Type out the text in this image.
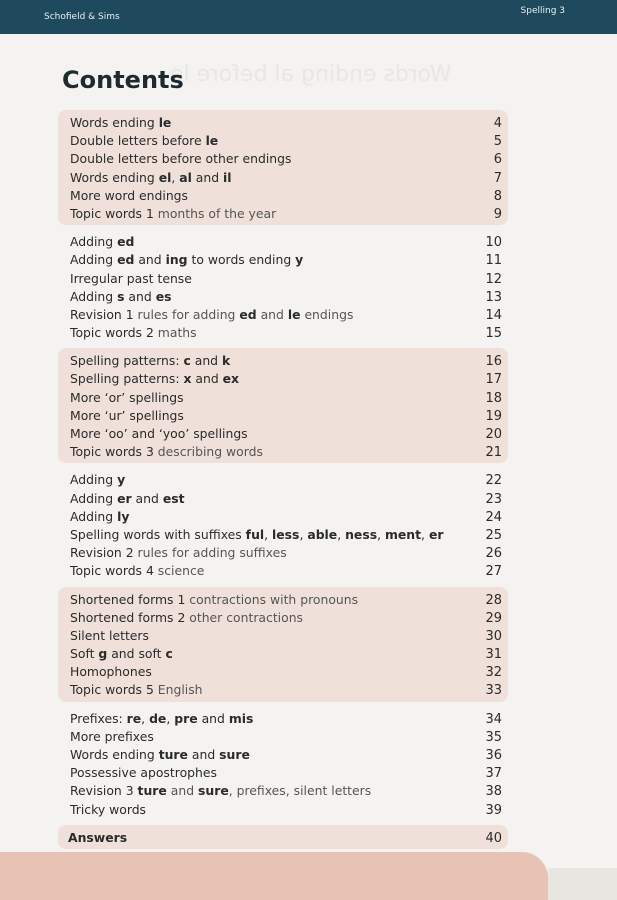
Schofield & Sims
Spelling 3
Words ending al before le
Contents
Words ending le	4
Double letters before le	5
Double letters before other endings	6
Words ending el, al and il	7
More word endings	8
Topic words 1 months of the year	9
Adding ed	10
Adding ed and ing to words ending y	11
Irregular past tense	12
Adding s and es	13
Revision 1 rules for adding ed and le endings	14
Topic words 2 maths	15
Spelling patterns: c and k	16
Spelling patterns: x and ex	17
More ‘or’ spellings	18
More ‘ur’ spellings	19
More ‘oo’ and ‘yoo’ spellings	20
Topic words 3 describing words	21
Adding y	22
Adding er and est	23
Adding ly	24
Spelling words with suffixes ful, less, able, ness, ment, er	25
Revision 2 rules for adding suffixes	26
Topic words 4 science	27
Shortened forms 1 contractions with pronouns	28
Shortened forms 2 other contractions	29
Silent letters	30
Soft g and soft c	31
Homophones	32
Topic words 5 English	33
Prefixes: re, de, pre and mis	34
More prefixes	35
Words ending ture and sure	36
Possessive apostrophes	37
Revision 3 ture and sure, prefixes, silent letters	38
Tricky words	39
Answers	40
